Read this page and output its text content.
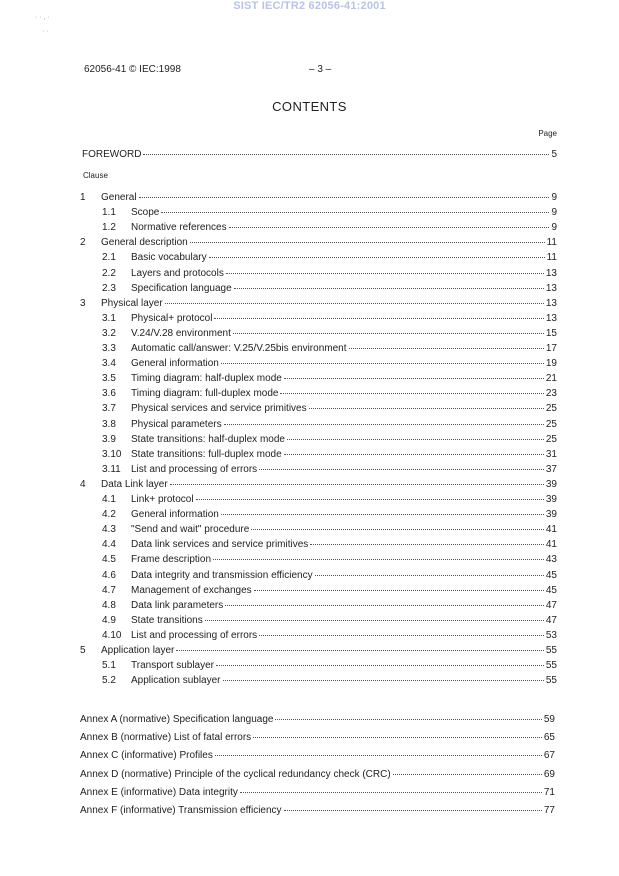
SIST IEC/TR2 62056-41:2001
· · , ·
· ·
62056-41 © IEC:1998	– 3 –
CONTENTS
Page
FOREWORD	5
Clause
1	General	9
1.1	Scope	9
1.2	Normative references	9
2	General description	11
2.1	Basic vocabulary	11
2.2	Layers and protocols	13
2.3	Specification language	13
3	Physical layer	13
3.1	Physical+ protocol	13
3.2	V.24/V.28 environment	15
3.3	Automatic call/answer: V.25/V.25bis environment	17
3.4	General information	19
3.5	Timing diagram: half-duplex mode	21
3.6	Timing diagram: full-duplex mode	23
3.7	Physical services and service primitives	25
3.8	Physical parameters	25
3.9	State transitions: half-duplex mode	25
3.10 State transitions: full-duplex mode	31
3.11	List and processing of errors	37
4	Data Link layer	39
4.1	Link+ protocol	39
4.2	General information	39
4.3	"Send and wait" procedure	41
4.4	Data link services and service primitives	41
4.5	Frame description	43
4.6	Data integrity and transmission efficiency	45
4.7	Management of exchanges	45
4.8	Data link parameters	47
4.9	State transitions	47
4.10 List and processing of errors	53
5	Application layer	55
5.1	Transport sublayer	55
5.2	Application sublayer	55
Annex A (normative) Specification language	59
Annex B (normative) List of fatal errors	65
Annex C (informative) Profiles	67
Annex D (normative) Principle of the cyclical redundancy check (CRC)	69
Annex E (informative) Data integrity	71
Annex F (informative) Transmission efficiency	77
